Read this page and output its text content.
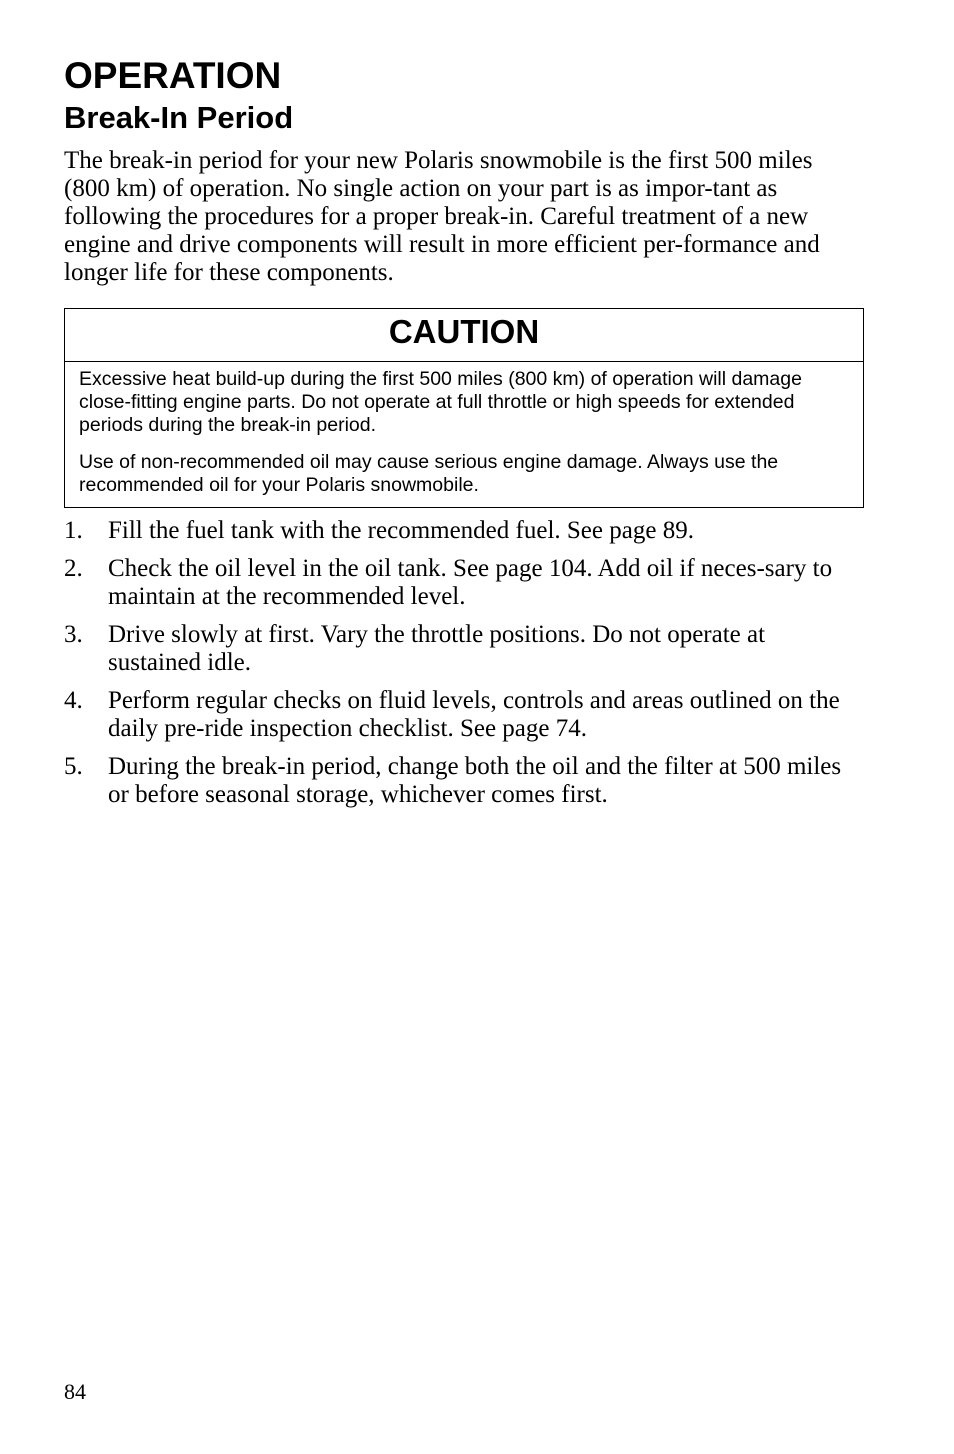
OPERATION
Break-In Period

The break-in period for your new Polaris snowmobile is the first 500 miles (800 km) of operation. No single action on your part is as impor-tant as following the procedures for a proper break-in. Careful treatment of a new engine and drive components will result in more efficient per-formance and longer life for these components.

CAUTION

Excessive heat build-up during the first 500 miles (800 km) of operation will damage close-fitting engine parts. Do not operate at full throttle or high speeds for extended periods during the break-in period.

Use of non-recommended oil may cause serious engine damage. Always use the recommended oil for your Polaris snowmobile.

1. Fill the fuel tank with the recommended fuel. See page 89.
2. Check the oil level in the oil tank. See page 104. Add oil if neces-sary to maintain at the recommended level.
3. Drive slowly at first. Vary the throttle positions. Do not operate at sustained idle.
4. Perform regular checks on fluid levels, controls and areas outlined on the daily pre-ride inspection checklist. See page 74.
5. During the break-in period, change both the oil and the filter at 500 miles or before seasonal storage, whichever comes first.
84
